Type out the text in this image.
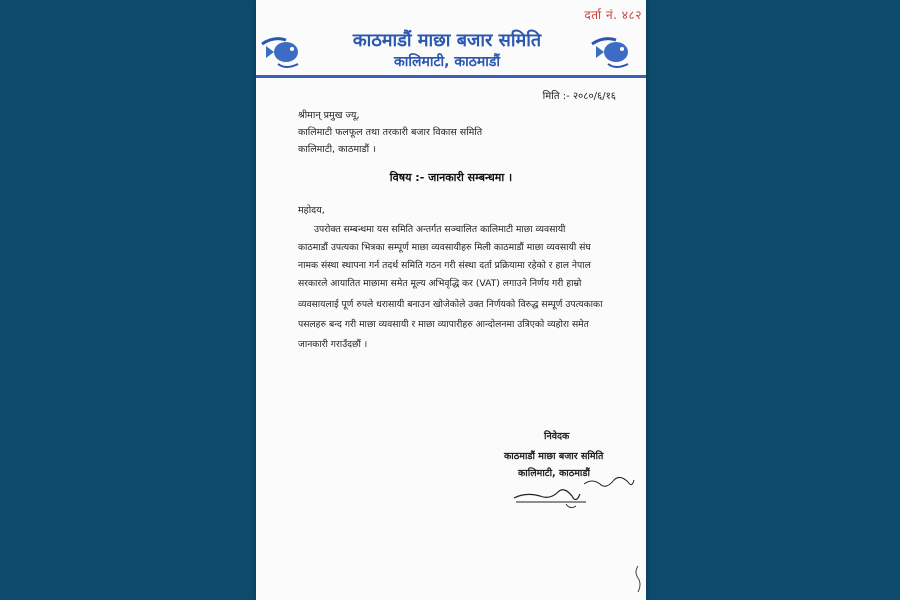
दर्ता नं. ४८२
काठमाडौं माछा बजार समिति
कालिमाटी, काठमाडौं
मिति :- २०८०/६/१६
श्रीमान् प्रमुख ज्यू,
कालिमाटी फलफूल तथा तरकारी बजार विकास समिति
कालिमाटी, काठमाडौं ।
विषय :- जानकारी सम्बन्धमा ।
महोदय,
उपरोक्त सम्बन्धमा यस समिति अन्तर्गत सञ्चालित कालिमाटी माछा व्यवसायी
काठमाडौं उपत्यका भित्रका सम्पूर्ण माछा व्यवसायीहरु मिली काठमाडौं माछा व्यवसायी संघ
नामक संस्था स्थापना गर्न तदर्थ समिति गठन गरी संस्था दर्ता प्रक्रियामा रहेको र हाल नेपाल
सरकारले आयातित माछामा समेत मूल्य अभिवृद्धि कर (VAT) लगाउने निर्णय गरी हाम्रो
व्यवसायलाई पूर्ण रुपले धरासायी बनाउन खोजेकोले उक्त निर्णयको विरुद्ध सम्पूर्ण उपत्यकाका
पसलहरु बन्द गरी माछा व्यवसायी र माछा व्यापारीहरु आन्दोलनमा उत्रिएको व्यहोरा समेत
जानकारी गराउँदछौं ।
निवेदक
काठमाडौं माछा बजार समिति
कालिमाटी, काठमाडौं
